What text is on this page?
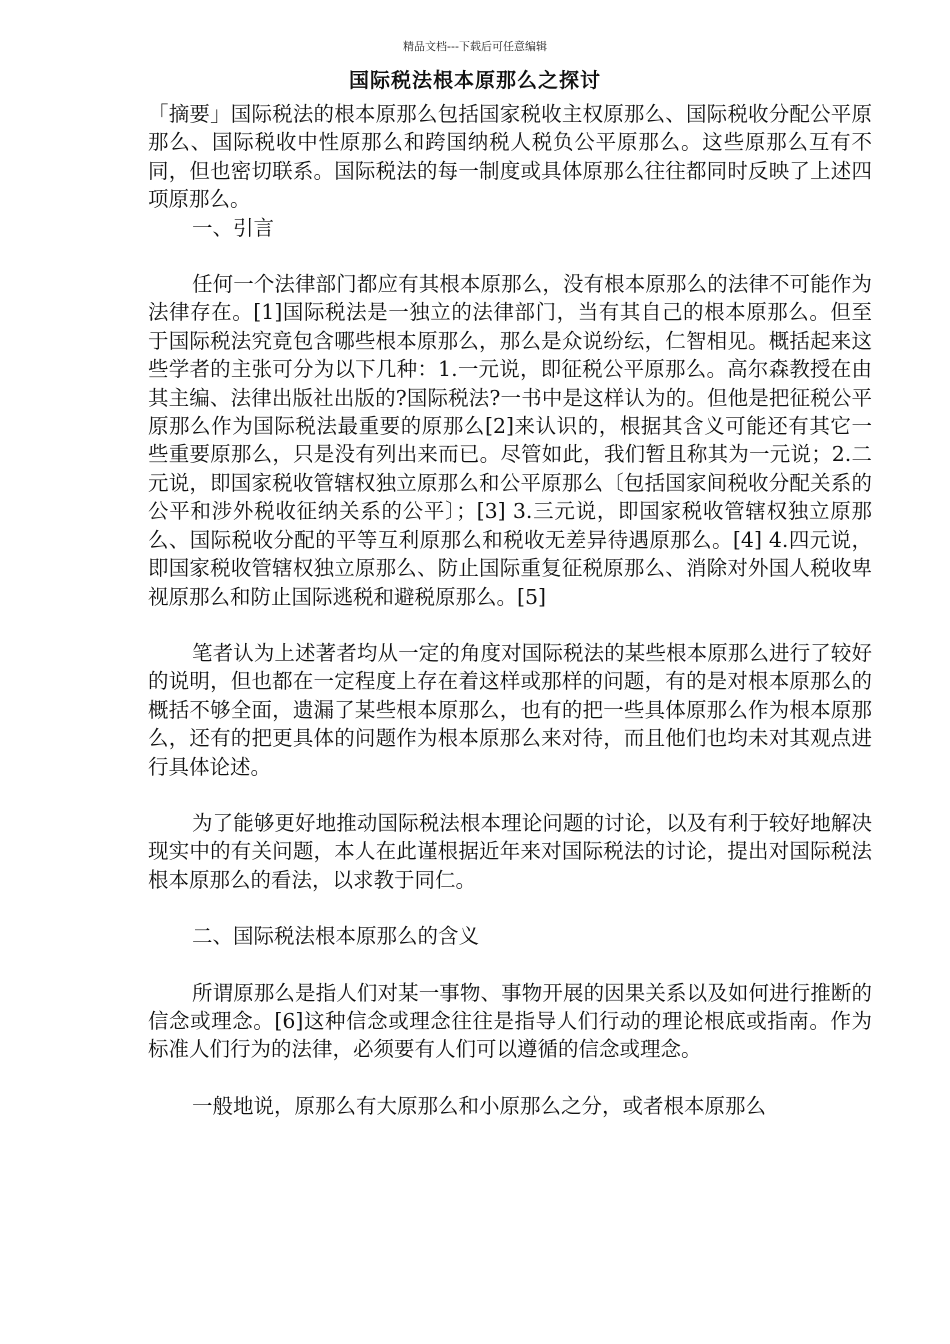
精品文档---下载后可任意编辑
国际税法根本原那么之探讨

「摘要」国际税法的根本原那么包括国家税收主权原那么、国际税收分配公平原那么、国际税收中性原那么和跨国纳税人税负公平原那么。这些原那么互有不同，但也密切联系。国际税法的每一制度或具体原那么往往都同时反映了上述四项原那么。

一、引言

任何一个法律部门都应有其根本原那么，没有根本原那么的法律不可能作为法律存在。[1]国际税法是一独立的法律部门，当有其自己的根本原那么。但至于国际税法究竟包含哪些根本原那么，那么是众说纷纭，仁智相见。概括起来这些学者的主张可分为以下几种：1.一元说，即征税公平原那么。高尔森教授在由其主编、法律出版社出版的?国际税法?一书中是这样认为的。但他是把征税公平原那么作为国际税法最重要的原那么[2]来认识的，根据其含义可能还有其它一些重要原那么，只是没有列出来而已。尽管如此，我们暂且称其为一元说；2.二元说，即国家税收管辖权独立原那么和公平原那么〔包括国家间税收分配关系的公平和涉外税收征纳关系的公平〕；[3] 3.三元说，即国家税收管辖权独立原那么、国际税收分配的平等互利原那么和税收无差异待遇原那么。[4] 4.四元说，即国家税收管辖权独立原那么、防止国际重复征税原那么、消除对外国人税收卑视原那么和防止国际逃税和避税原那么。[5]

笔者认为上述著者均从一定的角度对国际税法的某些根本原那么进行了较好的说明，但也都在一定程度上存在着这样或那样的问题，有的是对根本原那么的概括不够全面，遗漏了某些根本原那么，也有的把一些具体原那么作为根本原那么，还有的把更具体的问题作为根本原那么来对待，而且他们也均未对其观点进行具体论述。

为了能够更好地推动国际税法根本理论问题的讨论，以及有利于较好地解决现实中的有关问题，本人在此谨根据近年来对国际税法的讨论，提出对国际税法根本原那么的看法，以求教于同仁。

二、国际税法根本原那么的含义

所谓原那么是指人们对某一事物、事物开展的因果关系以及如何进行推断的信念或理念。[6]这种信念或理念往往是指导人们行动的理论根底或指南。作为标准人们行为的法律，必须要有人们可以遵循的信念或理念。

一般地说，原那么有大原那么和小原那么之分，或者根本原那么
